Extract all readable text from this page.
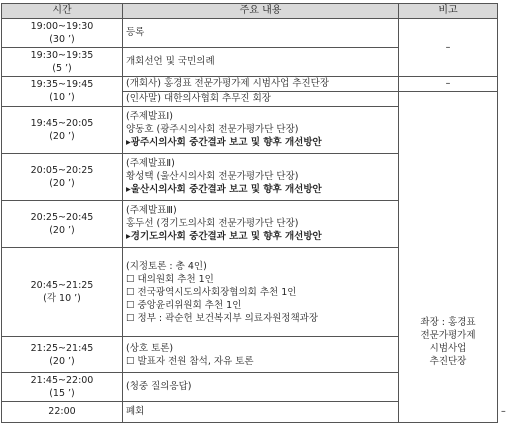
시간	주요 내용	비고	

19:00~19:30
(30 ’)	등록	–	

19:30~19:35
(5 ’)	개회선언 및 국민의례		

19:35~19:45
(10 ’)	(개회사) 홍경표 전문가평가제 시범사업 추진단장	–	

	(인사말) 대한의사협회 추무진 회장	좌장 : 홍경표
전문가평가제
시범사업
추진단장	

19:45~20:05
(20 ’)	(주제발표Ⅰ)
양동호 (광주시의사회 전문가평가단 단장)
▸광주시의사회 중간결과 보고 및 향후 개선방안		

20:05~20:25
(20 ’)	(주제발표Ⅱ)
황성택 (울산시의사회 전문가평가단 단장)
▸울산시의사회 중간결과 보고 및 향후 개선방안		

20:25~20:45
(20 ’)	(주제발표Ⅲ)
홍두선 (경기도의사회 전문가평가단 단장)
▸경기도의사회 중간결과 보고 및 향후 개선방안		

20:45~21:25
(각 10 ’)	(지정토론 : 총 4인)
☐ 대의원회 추천 1인
☐ 전국광역시도의사회장협의회 추천 1인
☐ 중앙윤리위원회 추천 1인
☐ 정부 : 곽순헌 보건복지부 의료자원정책과장		

21:25~21:45
(20 ’)	(상호 토론)
☐ 발표자 전원 참석, 자유 토론		

21:45~22:00
(15 ’)	(청중 질의응답)		

22:00	폐회		–
